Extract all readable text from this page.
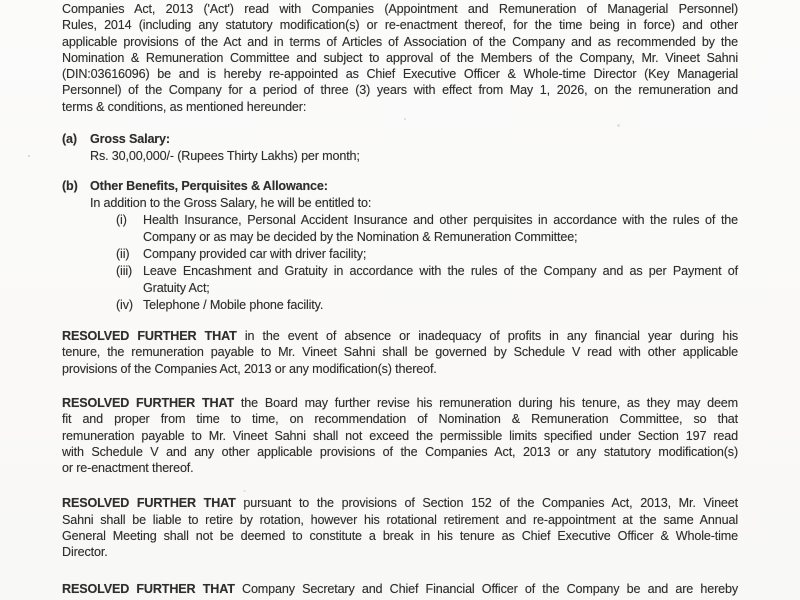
Companies Act, 2013 ('Act') read with Companies (Appointment and Remuneration of Managerial Personnel)
Rules, 2014 (including any statutory modification(s) or re-enactment thereof, for the time being in force) and other
applicable provisions of the Act and in terms of Articles of Association of the Company and as recommended by the
Nomination & Remuneration Committee and subject to approval of the Members of the Company, Mr. Vineet Sahni
(DIN:03616096) be and is hereby re-appointed as Chief Executive Officer & Whole-time Director (Key Managerial
Personnel) of the Company for a period of three (3) years with effect from May 1, 2026, on the remuneration and
terms & conditions, as mentioned hereunder:
(a) Gross Salary:
Rs. 30,00,000/- (Rupees Thirty Lakhs) per month;
(b) Other Benefits, Perquisites & Allowance:
In addition to the Gross Salary, he will be entitled to:
(i) Health Insurance, Personal Accident Insurance and other perquisites in accordance with the rules of the
Company or as may be decided by the Nomination & Remuneration Committee;
(ii) Company provided car with driver facility;
(iii) Leave Encashment and Gratuity in accordance with the rules of the Company and as per Payment of
Gratuity Act;
(iv) Telephone / Mobile phone facility.
RESOLVED FURTHER THAT in the event of absence or inadequacy of profits in any financial year during his
tenure, the remuneration payable to Mr. Vineet Sahni shall be governed by Schedule V read with other applicable
provisions of the Companies Act, 2013 or any modification(s) thereof.
RESOLVED FURTHER THAT the Board may further revise his remuneration during his tenure, as they may deem
fit and proper from time to time, on recommendation of Nomination & Remuneration Committee, so that
remuneration payable to Mr. Vineet Sahni shall not exceed the permissible limits specified under Section 197 read
with Schedule V and any other applicable provisions of the Companies Act, 2013 or any statutory modification(s)
or re-enactment thereof.
RESOLVED FURTHER THAT pursuant to the provisions of Section 152 of the Companies Act, 2013, Mr. Vineet
Sahni shall be liable to retire by rotation, however his rotational retirement and re-appointment at the same Annual
General Meeting shall not be deemed to constitute a break in his tenure as Chief Executive Officer & Whole-time
Director.
RESOLVED FURTHER THAT Company Secretary and Chief Financial Officer of the Company be and are hereby
